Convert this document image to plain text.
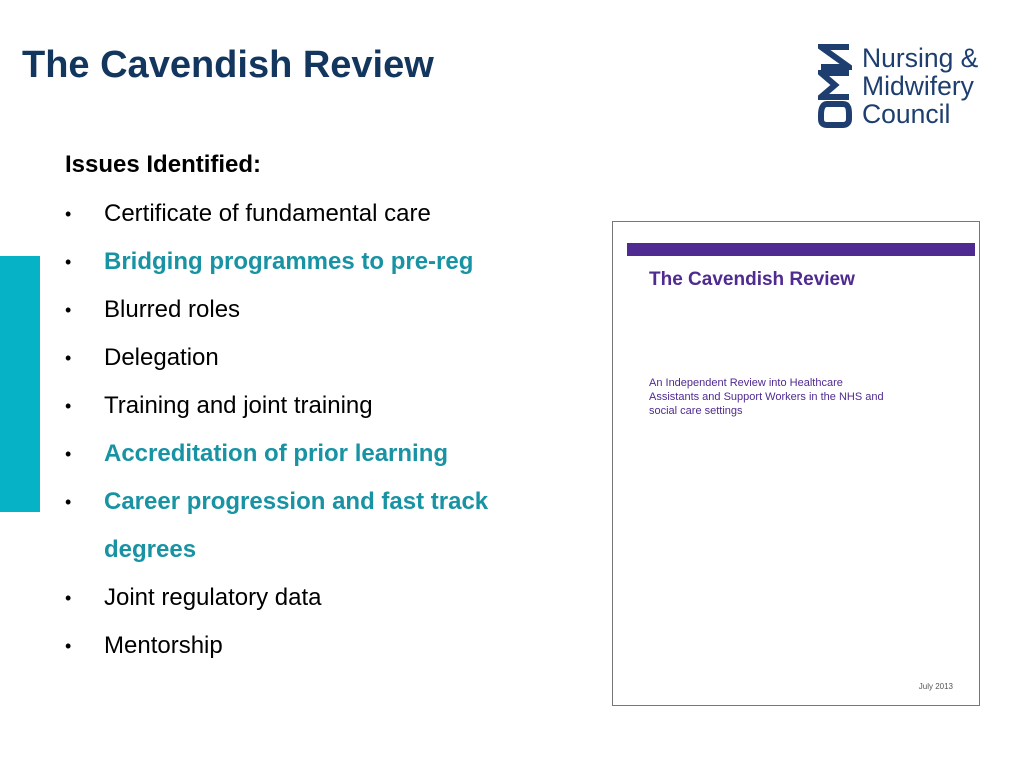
The Cavendish Review	Nursing &
Midwifery
Council
Issues Identified:
•	Certificate of fundamental care
•	Bridging programmes to pre-reg
•	Blurred roles
•	Delegation
•	Training and joint training
•	Accreditation of prior learning
•	Career progression and fast track degrees
•	Joint regulatory data
•	Mentorship
The Cavendish Review
An Independent Review into Healthcare Assistants and Support Workers in the NHS and social care settings
July 2013
